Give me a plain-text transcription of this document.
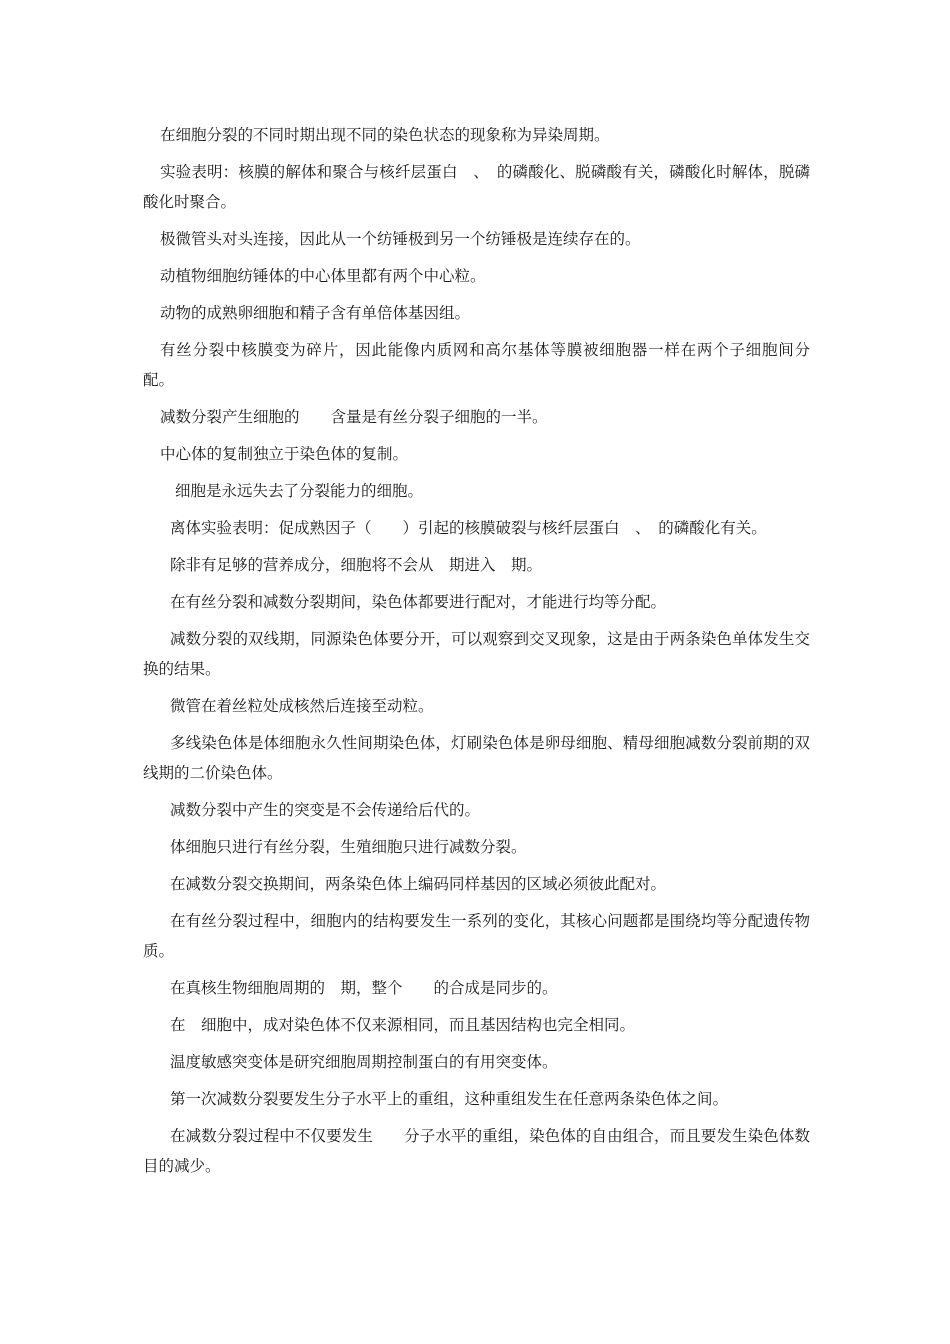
在细胞分裂的不同时期出现不同的染色状态的现象称为异染周期。

实验表明：核膜的解体和聚合与核纤层蛋白　、　的磷酸化、脱磷酸有关，磷酸化时解体，脱磷酸化时聚合。

极微管头对头连接，因此从一个纺锤极到另一个纺锤极是连续存在的。

动植物细胞纺锤体的中心体里都有两个中心粒。

动物的成熟卵细胞和精子含有单倍体基因组。

有丝分裂中核膜变为碎片，因此能像内质网和高尔基体等膜被细胞器一样在两个子细胞间分配。

减数分裂产生细胞的　　含量是有丝分裂子细胞的一半。

中心体的复制独立于染色体的复制。

细胞是永远失去了分裂能力的细胞。

离体实验表明：促成熟因子（　　）引起的核膜破裂与核纤层蛋白　、　的磷酸化有关。

除非有足够的营养成分，细胞将不会从　期进入　期。

在有丝分裂和减数分裂期间，染色体都要进行配对，才能进行均等分配。

减数分裂的双线期，同源染色体要分开，可以观察到交叉现象，这是由于两条染色单体发生交换的结果。

微管在着丝粒处成核然后连接至动粒。

多线染色体是体细胞永久性间期染色体，灯刷染色体是卵母细胞、精母细胞减数分裂前期的双线期的二价染色体。

减数分裂中产生的突变是不会传递给后代的。

体细胞只进行有丝分裂，生殖细胞只进行减数分裂。

在减数分裂交换期间，两条染色体上编码同样基因的区域必须彼此配对。

在有丝分裂过程中，细胞内的结构要发生一系列的变化，其核心问题都是围绕均等分配遗传物质。

在真核生物细胞周期的　期，整个　　的合成是同步的。

在　细胞中，成对染色体不仅来源相同，而且基因结构也完全相同。

温度敏感突变体是研究细胞周期控制蛋白的有用突变体。

第一次减数分裂要发生分子水平上的重组，这种重组发生在任意两条染色体之间。

在减数分裂过程中不仅要发生　　分子水平的重组，染色体的自由组合，而且要发生染色体数目的减少。
